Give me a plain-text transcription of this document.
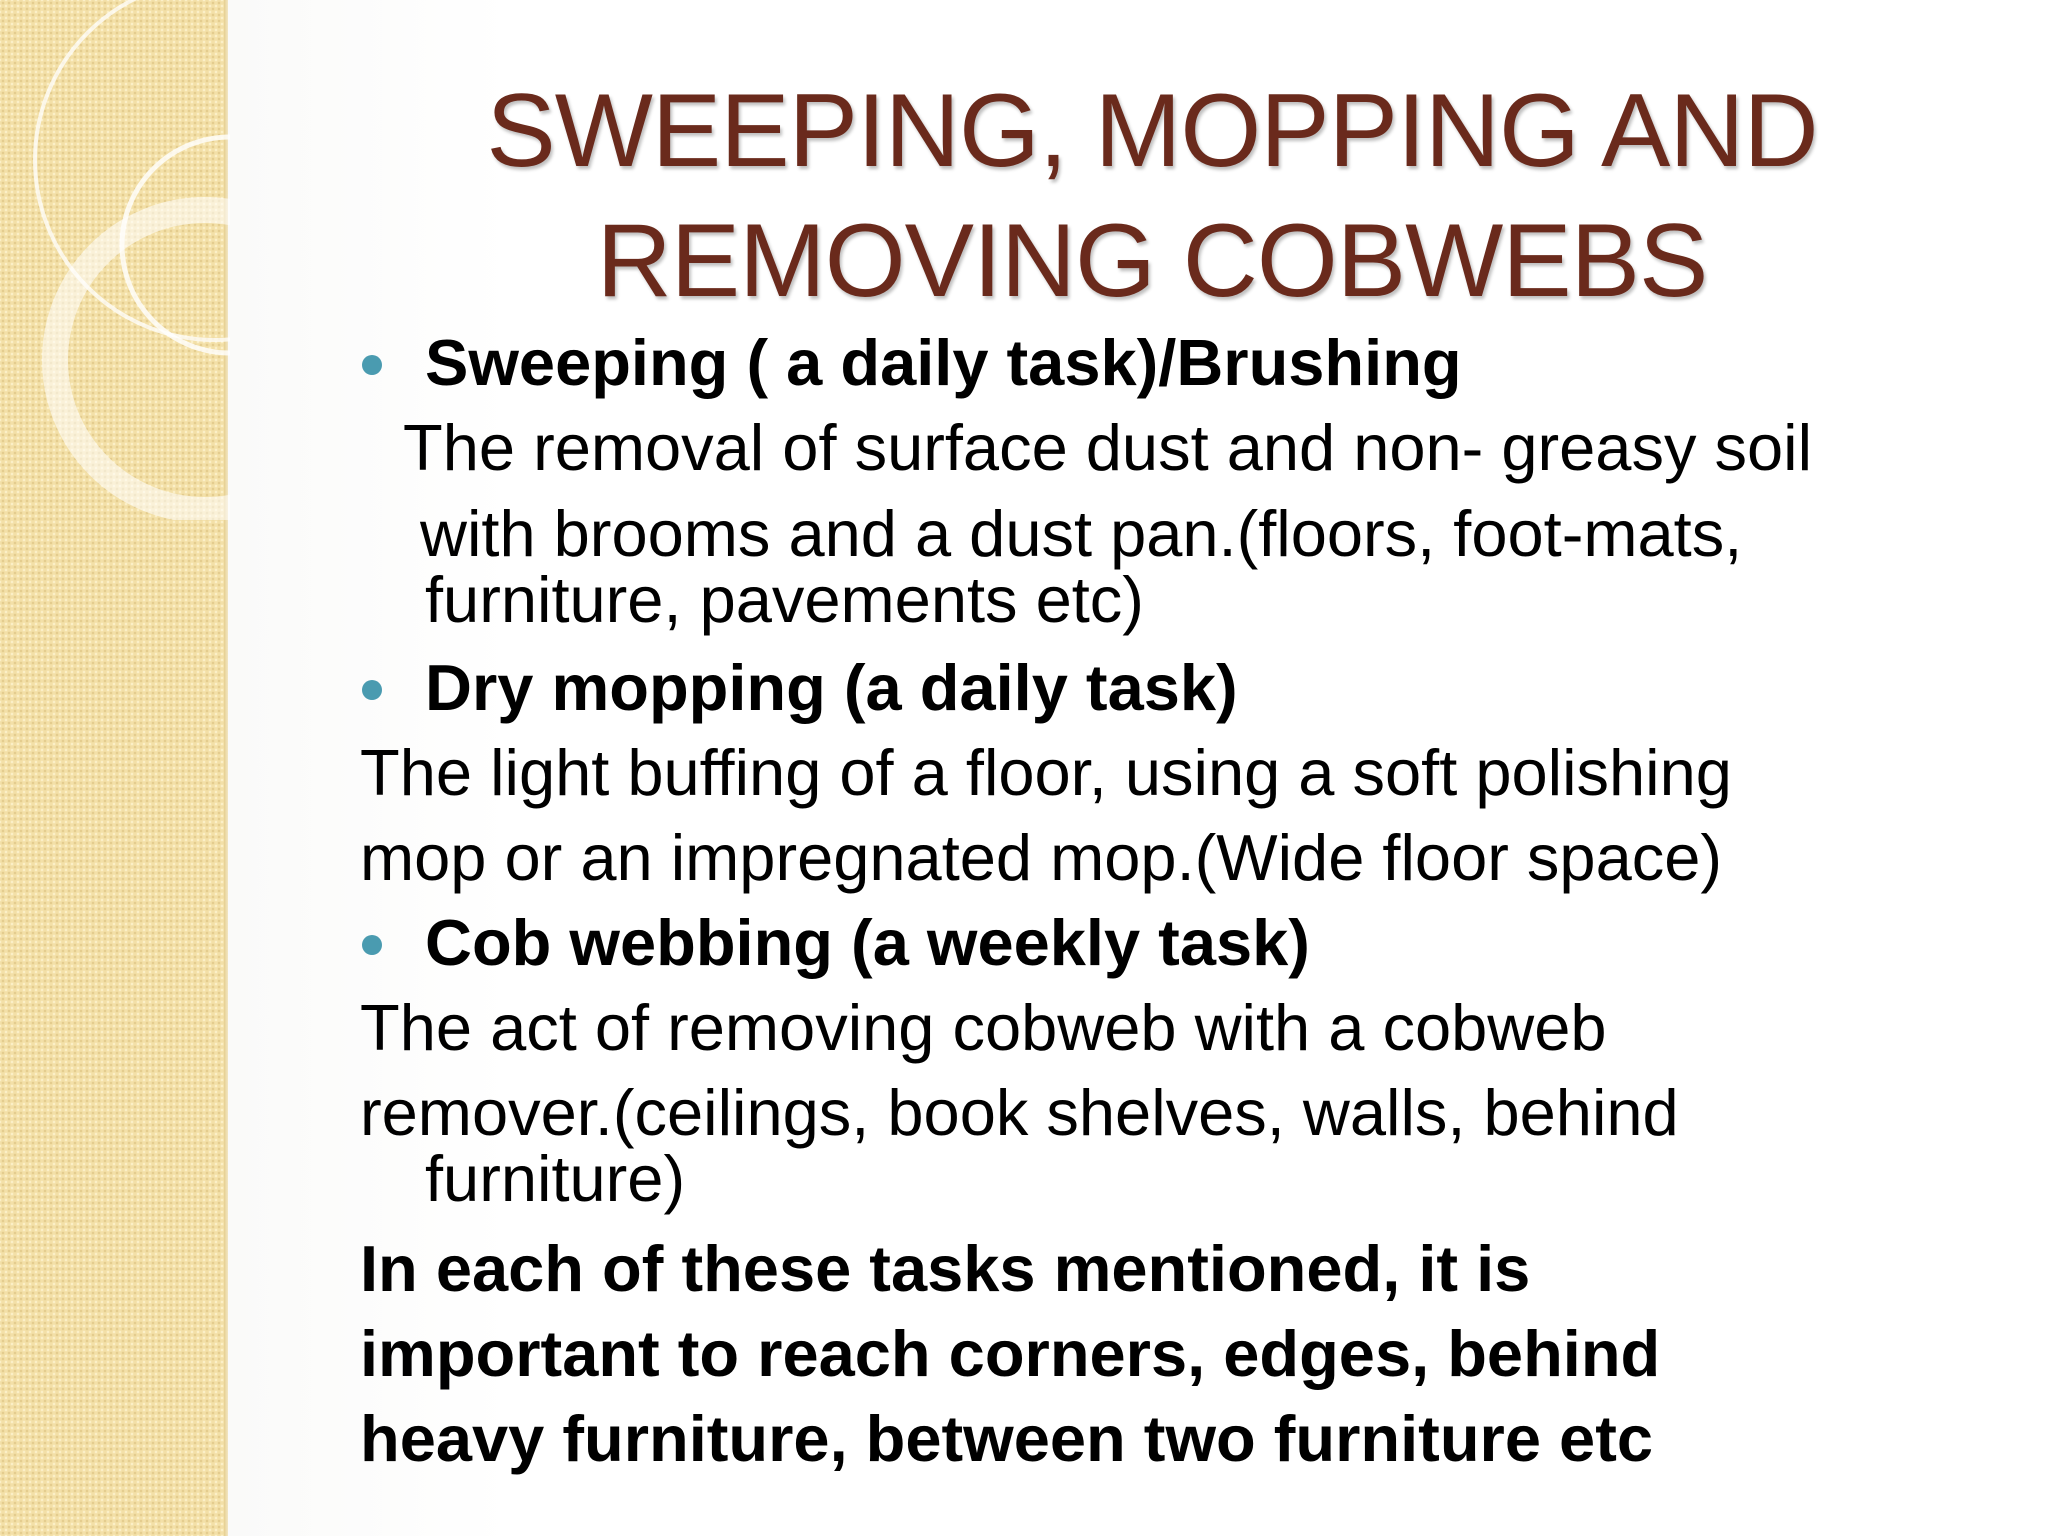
SWEEPING, MOPPING AND
REMOVING COBWEBS
Sweeping ( a daily task)/Brushing
The removal of surface dust and non- greasy soil
with brooms and a dust pan.(floors, foot-mats,
furniture, pavements etc)
Dry mopping (a daily task)
The light buffing of a floor, using a soft polishing
mop or an impregnated mop.(Wide floor space)
Cob webbing (a weekly task)
The act of removing cobweb with a cobweb
remover.(ceilings, book shelves, walls, behind
furniture)
In each of these tasks mentioned, it is
important to reach corners, edges, behind
heavy furniture, between two furniture etc
